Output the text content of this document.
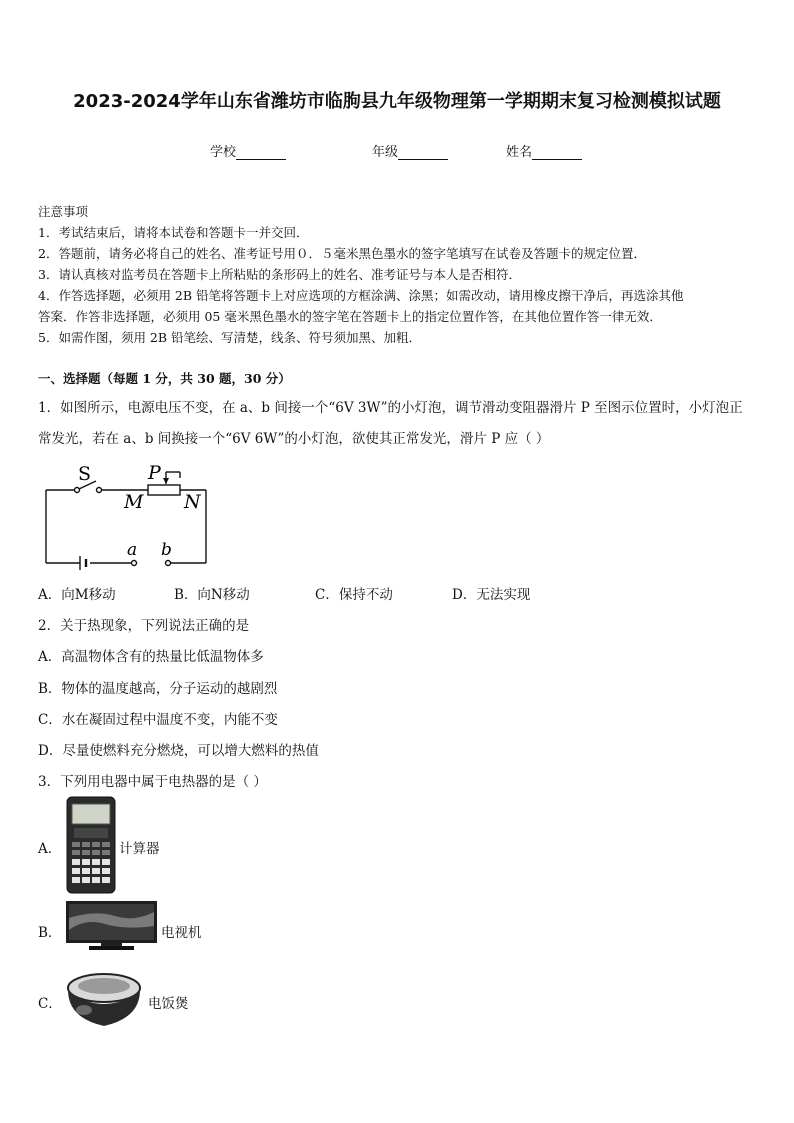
2023-2024学年山东省潍坊市临朐县九年级物理第一学期期末复习检测模拟试题
学校	年级	姓名
注意事项
1．考试结束后，请将本试卷和答题卡一并交回．
2．答题前，请务必将自己的姓名、准考证号用０．５毫米黑色墨水的签字笔填写在试卷及答题卡的规定位置．
3．请认真核对监考员在答题卡上所粘贴的条形码上的姓名、准考证号与本人是否相符．
4．作答选择题，必须用 2B 铅笔将答题卡上对应选项的方框涂满、涂黑；如需改动，请用橡皮擦干净后，再选涂其他
答案．作答非选择题，必须用 05 毫米黑色墨水的签字笔在答题卡上的指定位置作答，在其他位置作答一律无效．
5．如需作图，须用 2B 铅笔绘、写清楚，线条、符号须加黑、加粗．
一、选择题（每题 1 分，共 30 题，30 分）
1．如图所示，电源电压不变，在 a、b 间接一个“6V 3W”的小灯泡，调节滑动变阻器滑片 P 至图示位置时，小灯泡正
常发光，若在 a、b 间换接一个“6V 6W”的小灯泡，欲使其正常发光，滑片 P 应（ ）
S	P
M N
a b
A．向M移动	B．向N移动	C．保持不动	D．无法实现
2．关于热现象，下列说法正确的是
A．高温物体含有的热量比低温物体多
B．物体的温度越高，分子运动的越剧烈
C．水在凝固过程中温度不变，内能不变
D．尽量使燃料充分燃烧，可以增大燃料的热值
3．下列用电器中属于电热器的是（ ）
A．	计算器
B．	电视机
C．	电饭煲
